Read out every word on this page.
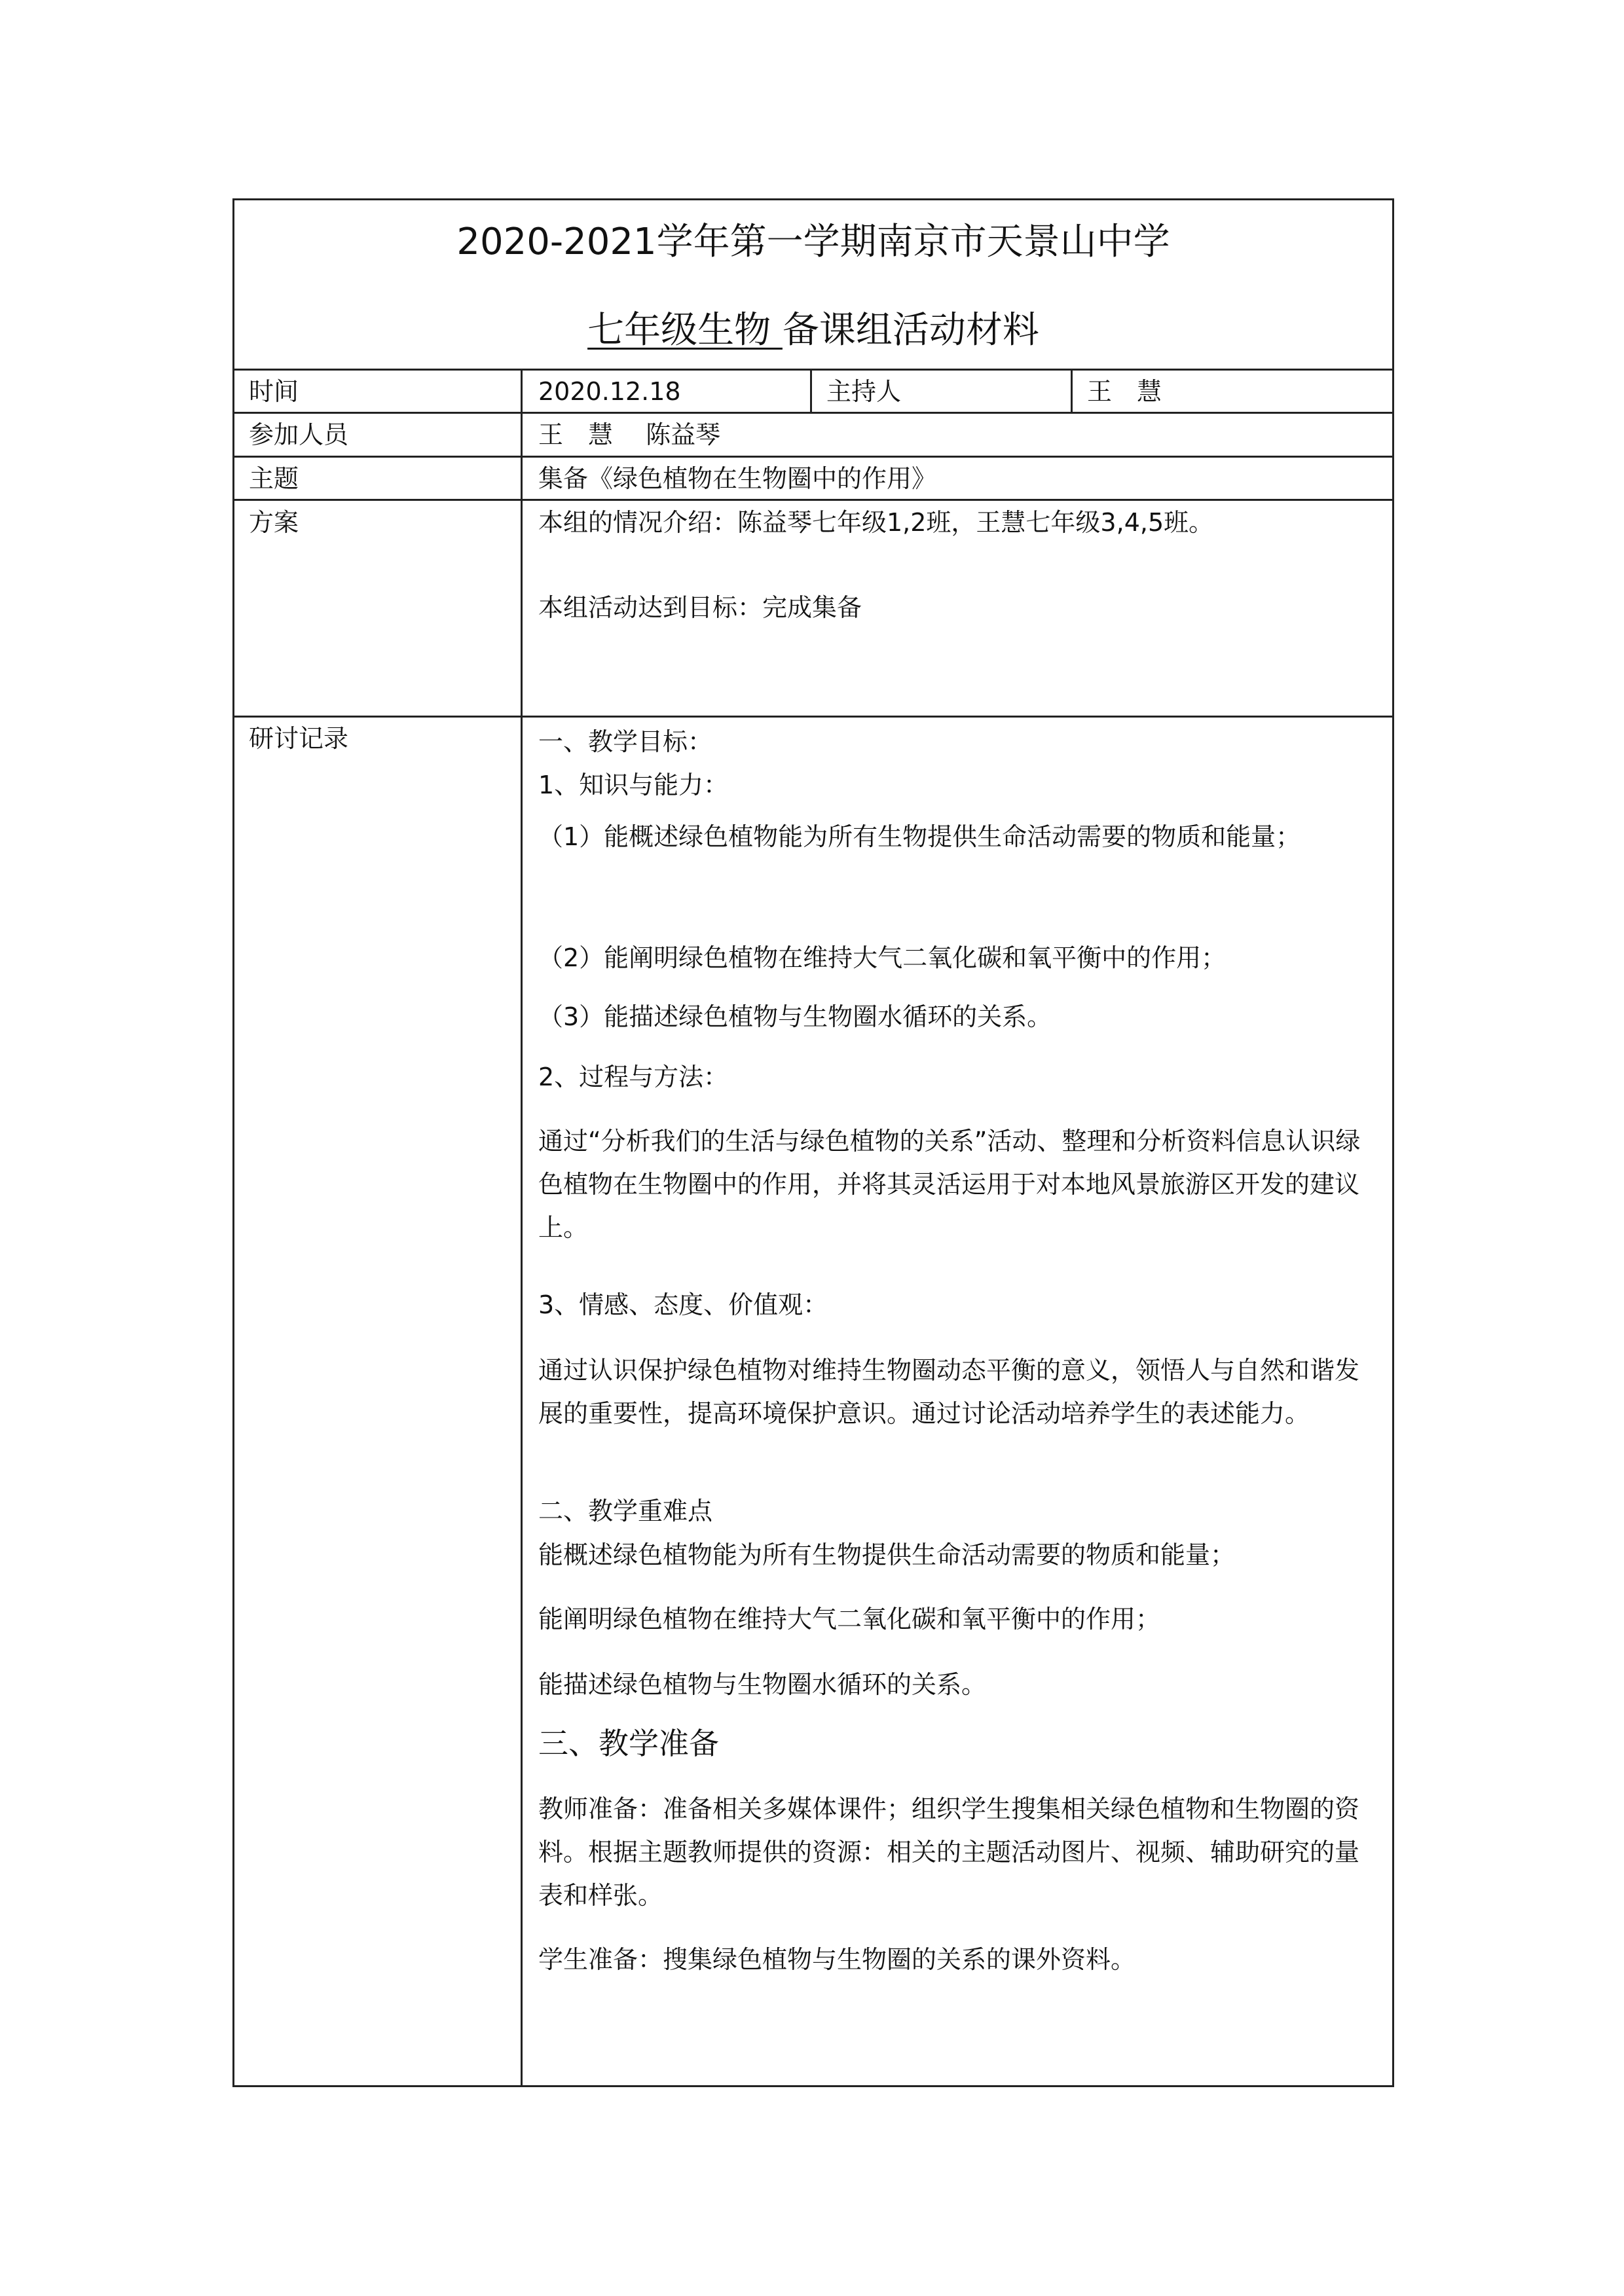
2020-2021学年第一学期南京市天景山中学
七年级生物 备课组活动材料
时间	2020.12.18	主持人	王　慧
参加人员	王　慧　 陈益琴
主题	集备《绿色植物在生物圈中的作用》
方案	本组的情况介绍：陈益琴七年级1,2班，王慧七年级3,4,5班。
本组活动达到目标：完成集备
研讨记录	一、教学目标：
1、知识与能力：
（1）能概述绿色植物能为所有生物提供生命活动需要的物质和能量；
（2）能阐明绿色植物在维持大气二氧化碳和氧平衡中的作用；
（3）能描述绿色植物与生物圈水循环的关系。
2、过程与方法：
通过“分析我们的生活与绿色植物的关系”活动、整理和分析资料信息认识绿色植物在生物圈中的作用，并将其灵活运用于对本地风景旅游区开发的建议上。
3、情感、态度、价值观：
通过认识保护绿色植物对维持生物圈动态平衡的意义，领悟人与自然和谐发展的重要性，提高环境保护意识。通过讨论活动培养学生的表述能力。
二、教学重难点
能概述绿色植物能为所有生物提供生命活动需要的物质和能量；
能阐明绿色植物在维持大气二氧化碳和氧平衡中的作用；
能描述绿色植物与生物圈水循环的关系。
三、教学准备
教师准备：准备相关多媒体课件；组织学生搜集相关绿色植物和生物圈的资料。根据主题教师提供的资源：相关的主题活动图片、视频、辅助研究的量表和样张。
学生准备：搜集绿色植物与生物圈的关系的课外资料。
